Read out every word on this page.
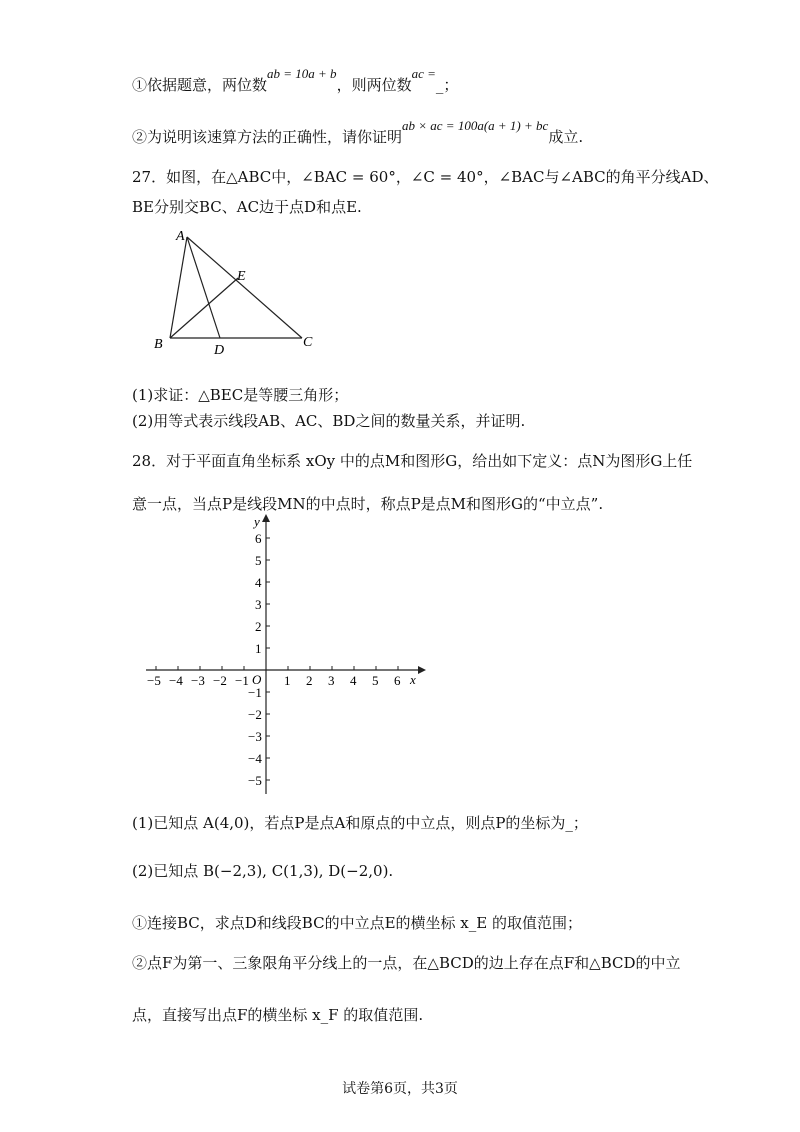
①依据题意，两位数ab = 10a + b，则两位数ac =_；
②为说明该速算方法的正确性，请你证明ab × ac = 100a(a + 1) + bc成立.
27．如图，在△ABC中，∠BAC = 60°，∠C = 40°，∠BAC与∠ABC的角平分线AD、
BE分别交BC、AC边于点D和点E.
A
B	C
D
E
(1)求证：△BEC是等腰三角形；
(2)用等式表示线段AB、AC、BD之间的数量关系，并证明.
28．对于平面直角坐标系 xOy 中的点M和图形G，给出如下定义：点N为图形G上任
意一点，当点P是线段MN的中点时，称点P是点M和图形G的“中立点”.
−5 −4 −3 −2 −1	1 2 3 4 5 6
6
5
4
3
2
1
−1
−2
−3
−4
−5
O	x
y
(1)已知点 A(4,0)，若点P是点A和原点的中立点，则点P的坐标为_；
(2)已知点 B(−2,3), C(1,3), D(−2,0).
①连接BC，求点D和线段BC的中立点E的横坐标 x_E 的取值范围；
②点F为第一、三象限角平分线上的一点，在△BCD的边上存在点F和△BCD的中立
点，直接写出点F的横坐标 x_F 的取值范围.
试卷第6页，共3页
